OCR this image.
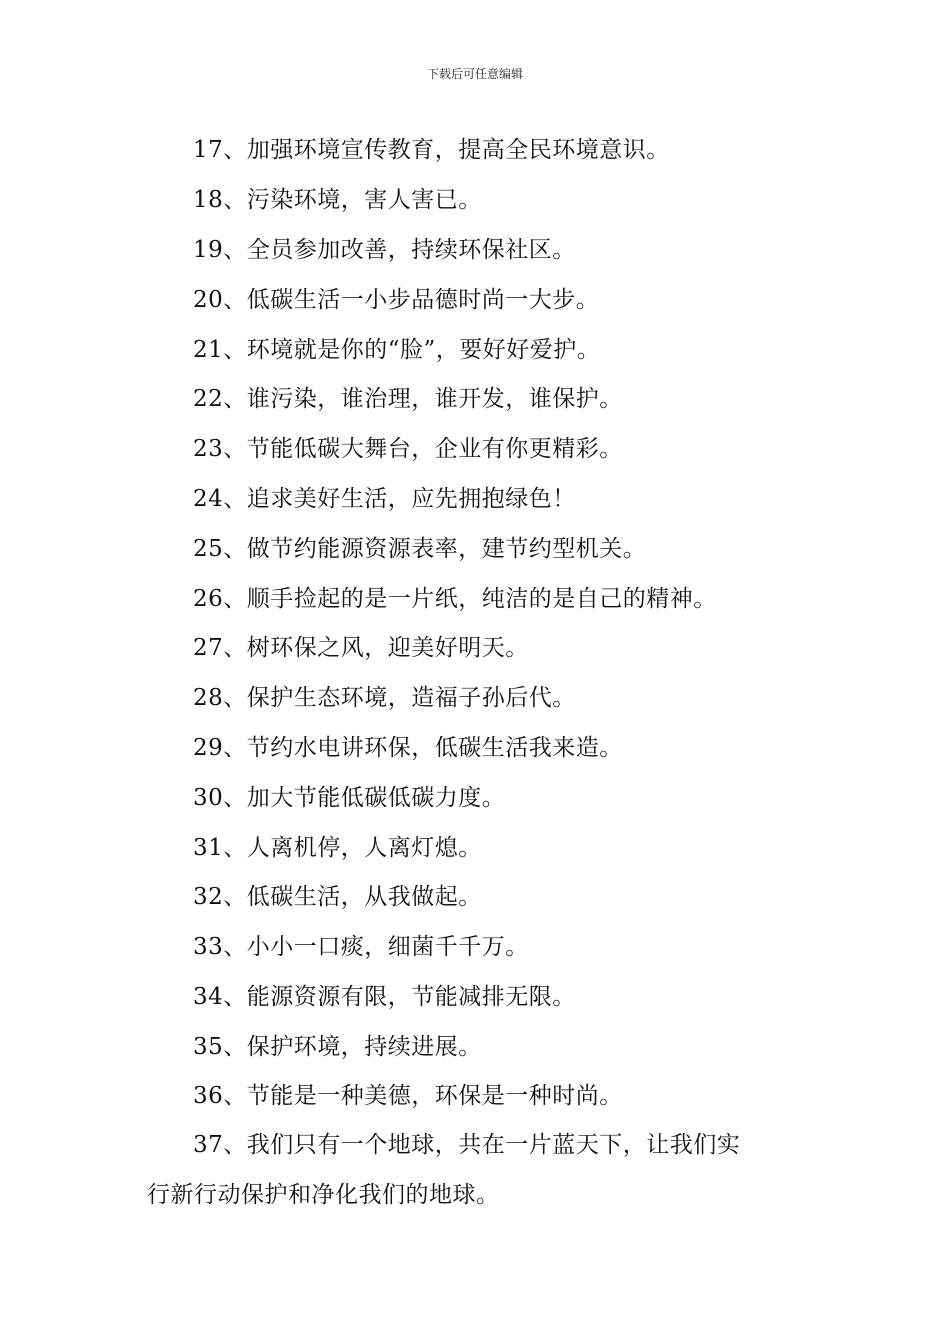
下载后可任意编辑
17、加强环境宣传教育，提高全民环境意识。
18、污染环境，害人害已。
19、全员参加改善，持续环保社区。
20、低碳生活一小步品德时尚一大步。
21、环境就是你的“脸”，要好好爱护。
22、谁污染，谁治理，谁开发，谁保护。
23、节能低碳大舞台，企业有你更精彩。
24、追求美好生活，应先拥抱绿色！
25、做节约能源资源表率，建节约型机关。
26、顺手捡起的是一片纸，纯洁的是自己的精神。
27、树环保之风，迎美好明天。
28、保护生态环境，造福子孙后代。
29、节约水电讲环保，低碳生活我来造。
30、加大节能低碳低碳力度。
31、人离机停，人离灯熄。
32、低碳生活，从我做起。
33、小小一口痰，细菌千千万。
34、能源资源有限，节能减排无限。
35、保护环境，持续进展。
36、节能是一种美德，环保是一种时尚。
37、我们只有一个地球，共在一片蓝天下，让我们实
行新行动保护和净化我们的地球。
